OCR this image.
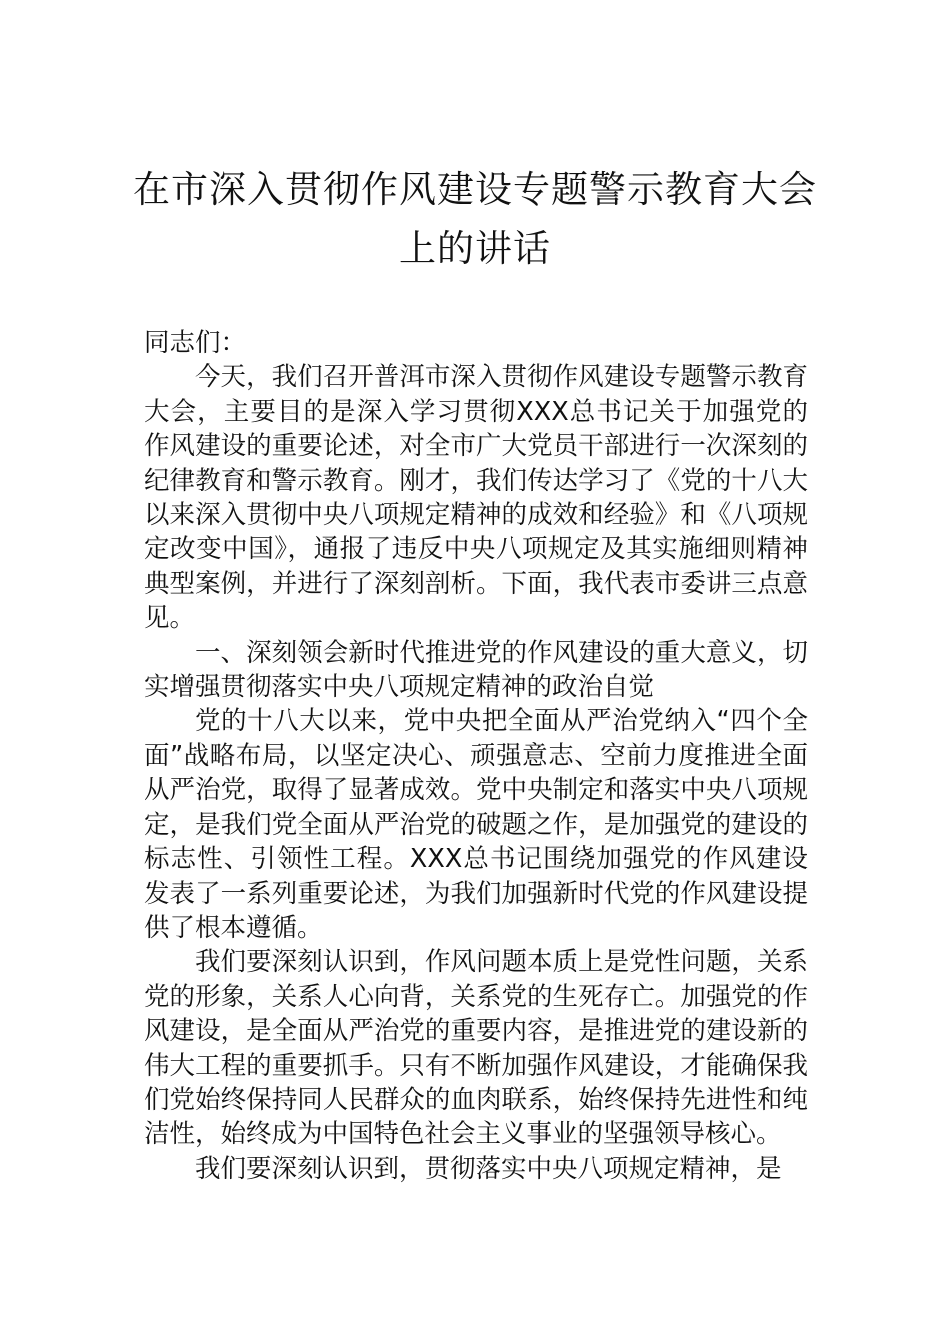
在市深入贯彻作风建设专题警示教育大会上的讲话

同志们：

今天，我们召开普洱市深入贯彻作风建设专题警示教育大会，主要目的是深入学习贯彻XXX总书记关于加强党的作风建设的重要论述，对全市广大党员干部进行一次深刻的纪律教育和警示教育。刚才，我们传达学习了《党的十八大以来深入贯彻中央八项规定精神的成效和经验》和《八项规定改变中国》，通报了违反中央八项规定及其实施细则精神典型案例，并进行了深刻剖析。下面，我代表市委讲三点意见。

一、深刻领会新时代推进党的作风建设的重大意义，切实增强贯彻落实中央八项规定精神的政治自觉

党的十八大以来，党中央把全面从严治党纳入“四个全面”战略布局，以坚定决心、顽强意志、空前力度推进全面从严治党，取得了显著成效。党中央制定和落实中央八项规定，是我们党全面从严治党的破题之作，是加强党的建设的标志性、引领性工程。XXX总书记围绕加强党的作风建设发表了一系列重要论述，为我们加强新时代党的作风建设提供了根本遵循。

我们要深刻认识到，作风问题本质上是党性问题，关系党的形象，关系人心向背，关系党的生死存亡。加强党的作风建设，是全面从严治党的重要内容，是推进党的建设新的伟大工程的重要抓手。只有不断加强作风建设，才能确保我们党始终保持同人民群众的血肉联系，始终保持先进性和纯洁性，始终成为中国特色社会主义事业的坚强领导核心。

我们要深刻认识到，贯彻落实中央八项规定精神，是
